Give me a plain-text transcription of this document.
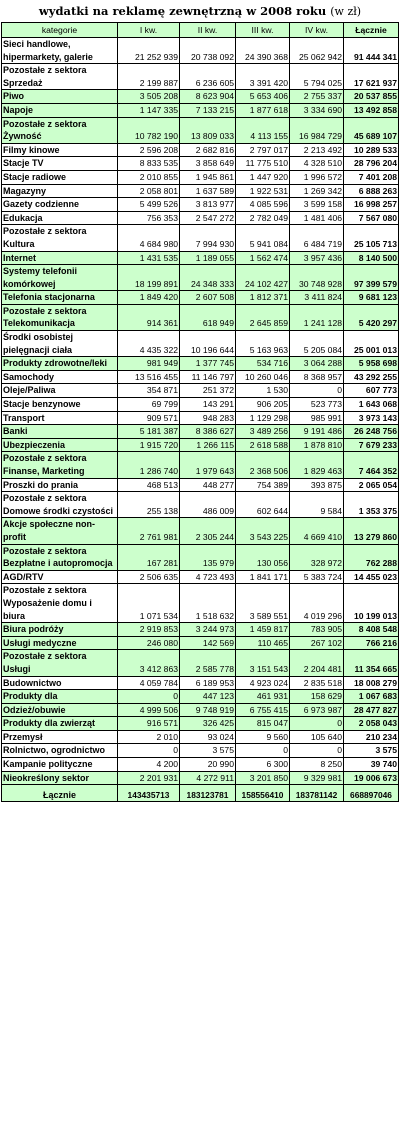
wydatki na reklamę zewnętrzną w 2008 roku (w zł)
kategorie	I kw.	II kw.	III kw.	IV kw.	Łącznie
Sieci handlowe, hipermarkety, galerie	21 252 939	20 738 092	24 390 368	25 062 942	91 444 341
Pozostałe z sektora Sprzedaż	2 199 887	6 236 605	3 391 420	5 794 025	17 621 937
Piwo	3 505 208	8 623 904	5 653 406	2 755 337	20 537 855
Napoje	1 147 335	7 133 215	1 877 618	3 334 690	13 492 858
Pozostałe z sektora Żywność	10 782 190	13 809 033	4 113 155	16 984 729	45 689 107
Filmy kinowe	2 596 208	2 682 816	2 797 017	2 213 492	10 289 533
Stacje TV	8 833 535	3 858 649	11 775 510	4 328 510	28 796 204
Stacje radiowe	2 010 855	1 945 861	1 447 920	1 996 572	7 401 208
Magazyny	2 058 801	1 637 589	1 922 531	1 269 342	6 888 263
Gazety codzienne	5 499 526	3 813 977	4 085 596	3 599 158	16 998 257
Edukacja	756 353	2 547 272	2 782 049	1 481 406	7 567 080
Pozostałe z sektora Kultura	4 684 980	7 994 930	5 941 084	6 484 719	25 105 713
Internet	1 431 535	1 189 055	1 562 474	3 957 436	8 140 500
Systemy telefonii komórkowej	18 199 891	24 348 333	24 102 427	30 748 928	97 399 579
Telefonia stacjonarna	1 849 420	2 607 508	1 812 371	3 411 824	9 681 123
Pozostałe z sektora Telekomunikacja	914 361	618 949	2 645 859	1 241 128	5 420 297
Środki osobistej pielęgnacji ciała	4 435 322	10 196 644	5 163 963	5 205 084	25 001 013
Produkty zdrowotne/leki	981 949	1 377 745	534 716	3 064 288	5 958 698
Samochody	13 516 455	11 146 797	10 260 046	8 368 957	43 292 255
Oleje/Paliwa	354 871	251 372	1 530	0	607 773
Stacje benzynowe	69 799	143 291	906 205	523 773	1 643 068
Transport	909 571	948 283	1 129 298	985 991	3 973 143
Banki	5 181 387	8 386 627	3 489 256	9 191 486	26 248 756
Ubezpieczenia	1 915 720	1 266 115	2 618 588	1 878 810	7 679 233
Pozostałe z sektora Finanse, Marketing	1 286 740	1 979 643	2 368 506	1 829 463	7 464 352
Proszki do prania	468 513	448 277	754 389	393 875	2 065 054
Pozostałe z sektora Domowe środki czystości	255 138	486 009	602 644	9 584	1 353 375
Akcje społeczne non-profit	2 761 981	2 305 244	3 543 225	4 669 410	13 279 860
Pozostałe z sektora Bezpłatne i autopromocja	167 281	135 979	130 056	328 972	762 288
AGD/RTV	2 506 635	4 723 493	1 841 171	5 383 724	14 455 023
Pozostałe z sektora Wyposażenie domu i biura	1 071 534	1 518 632	3 589 551	4 019 296	10 199 013
Biura podróży	2 919 853	3 244 973	1 459 817	783 905	8 408 548
Usługi medyczne	246 080	142 569	110 465	267 102	766 216
Pozostałe z sektora Usługi	3 412 863	2 585 778	3 151 543	2 204 481	11 354 665
Budownictwo	4 059 784	6 189 953	4 923 024	2 835 518	18 008 279
Produkty dla	0	447 123	461 931	158 629	1 067 683
Odzież/obuwie	4 999 506	9 748 919	6 755 415	6 973 987	28 477 827
Produkty dla zwierząt	916 571	326 425	815 047	0	2 058 043
Przemysł	2 010	93 024	9 560	105 640	210 234
Rolnictwo, ogrodnictwo	0	3 575	0	0	3 575
Kampanie polityczne	4 200	20 990	6 300	8 250	39 740
Nieokreślony sektor	2 201 931	4 272 911	3 201 850	9 329 981	19 006 673
Łącznie	143435713	183123781	158556410	183781142	668897046
